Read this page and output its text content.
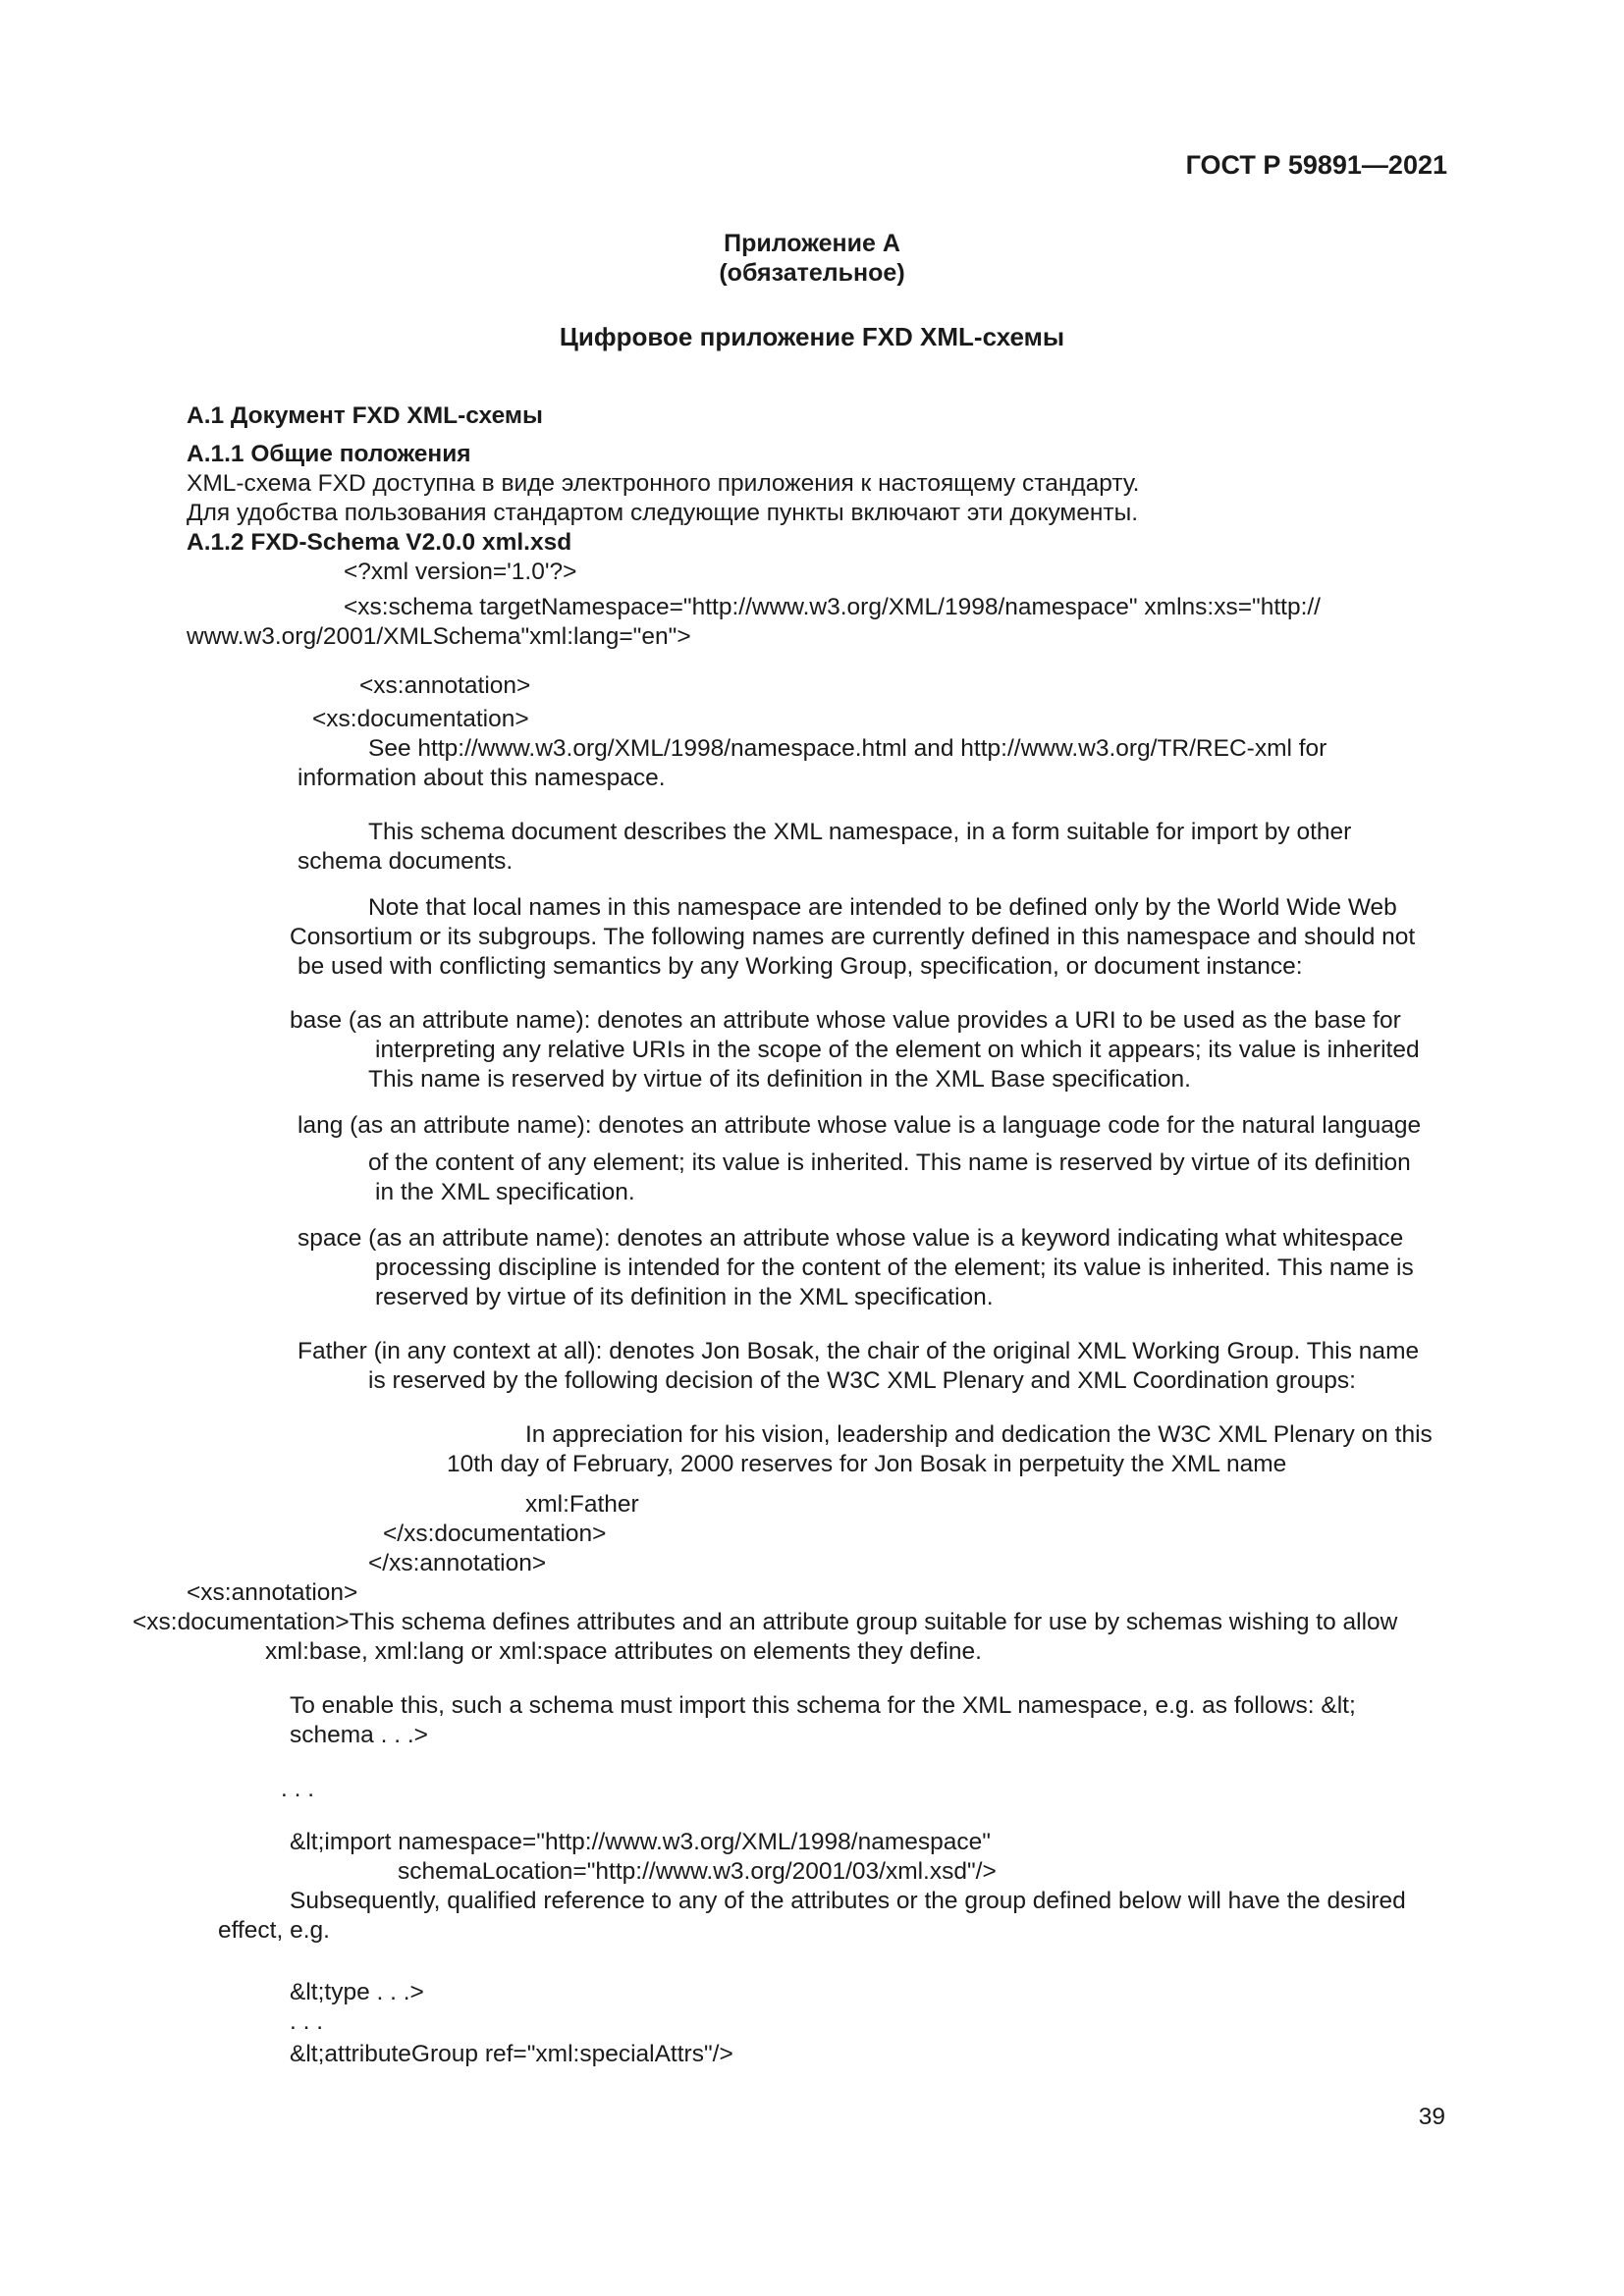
ГОСТ Р 59891—2021

Приложение А

(обязательное)

Цифровое приложение FXD XML-схемы

А.1 Документ FXD XML-схемы

А.1.1 Общие положения

XML-схема FXD доступна в виде электронного приложения к настоящему стандарту.

Для удобства пользования стандартом следующие пункты включают эти документы.

А.1.2 FXD-Schema V2.0.0 xml.xsd

<?xml version='1.0'?>

<xs:schema targetNamespace="http://www.w3.org/XML/1998/namespace" xmlns:xs="http://

www.w3.org/2001/XMLSchema"xml:lang="en">

<xs:annotation>

<xs:documentation>

See http://www.w3.org/XML/1998/namespace.html and http://www.w3.org/TR/REC-xml for

information about this namespace.

This schema document describes the XML namespace, in a form suitable for import by other

schema documents.

Note that local names in this namespace are intended to be defined only by the World Wide Web

Consortium or its subgroups. The following names are currently defined in this namespace and should not

be used with conflicting semantics by any Working Group, specification, or document instance:

base (as an attribute name): denotes an attribute whose value provides a URI to be used as the base for

interpreting any relative URIs in the scope of the element on which it appears; its value is inherited

This name is reserved by virtue of its definition in the XML Base specification.

lang (as an attribute name): denotes an attribute whose value is a language code for the natural language

of the content of any element; its value is inherited. This name is reserved by virtue of its definition

in the XML specification.

space (as an attribute name): denotes an attribute whose value is a keyword indicating what whitespace

processing discipline is intended for the content of the element; its value is inherited. This name is

reserved by virtue of its definition in the XML specification.

Father (in any context at all): denotes Jon Bosak, the chair of the original XML Working Group. This name

is reserved by the following decision of the W3C XML Plenary and XML Coordination groups:

In appreciation for his vision, leadership and dedication the W3C XML Plenary on this

10th day of February, 2000 reserves for Jon Bosak in perpetuity the XML name

xml:Father

</xs:documentation>

</xs:annotation>

<xs:annotation>

<xs:documentation>This schema defines attributes and an attribute group suitable for use by schemas wishing to allow

xml:base, xml:lang or xml:space attributes on elements they define.

To enable this, such a schema must import this schema for the XML namespace, e.g. as follows: &lt;

schema . . .>

. . .

&lt;import namespace="http://www.w3.org/XML/1998/namespace"

schemaLocation="http://www.w3.org/2001/03/xml.xsd"/>

Subsequently, qualified reference to any of the attributes or the group defined below will have the desired

effect, e.g.

&lt;type . . .>

. . .

&lt;attributeGroup ref="xml:specialAttrs"/>

39
